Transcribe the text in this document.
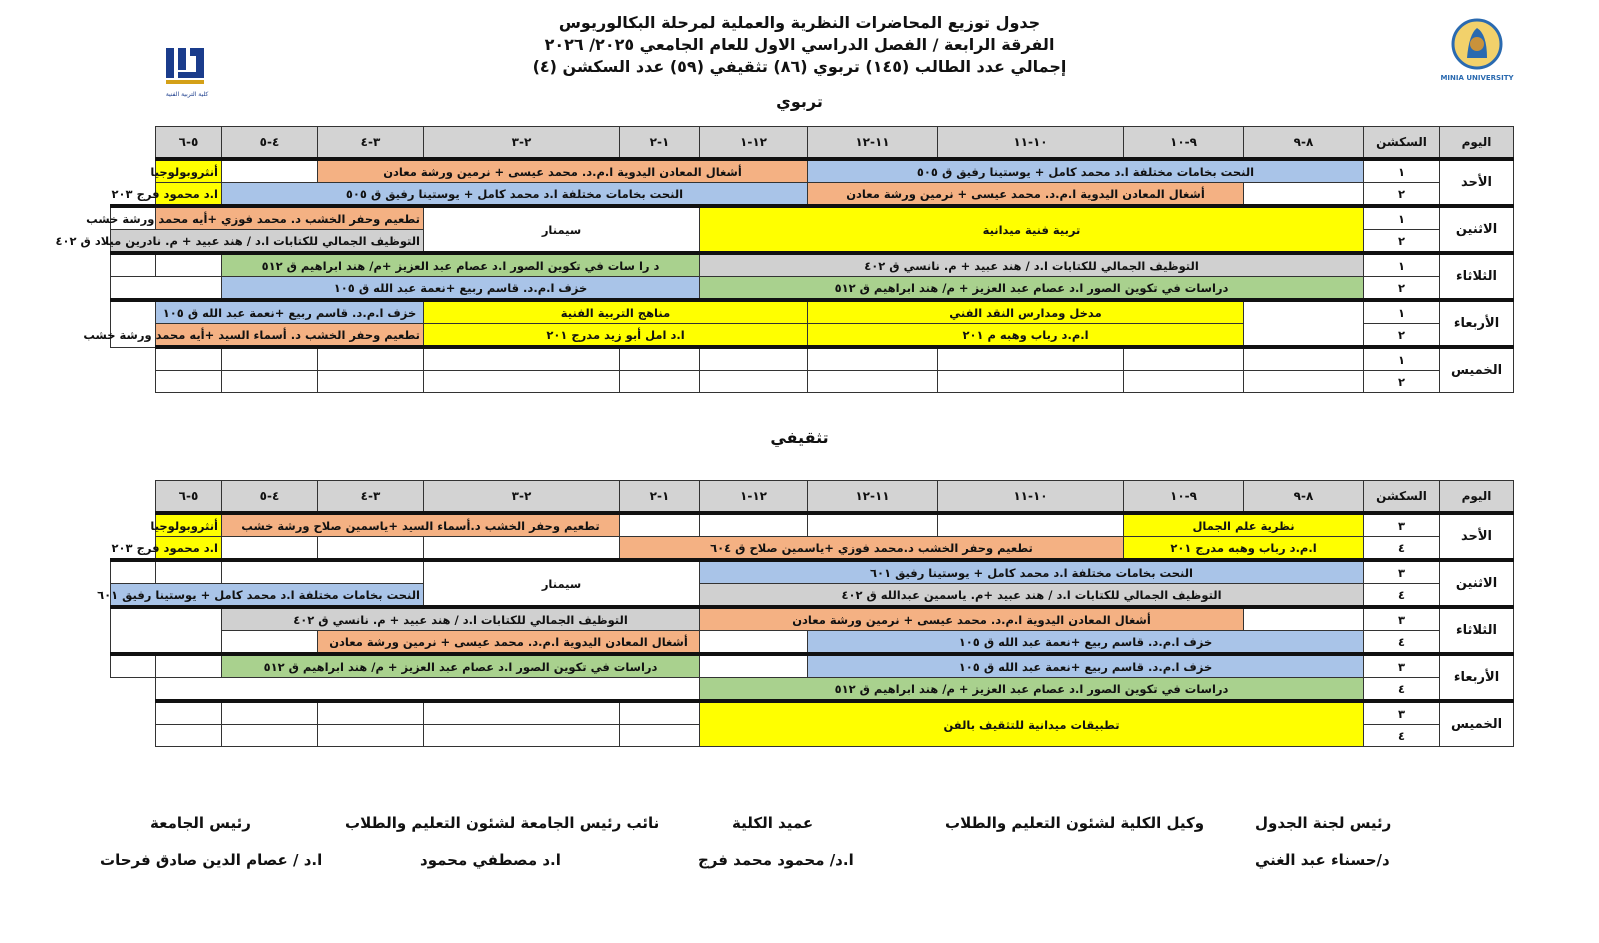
جدول توزيع المحاضرات النظرية والعملية لمرحلة البكالوريوس
الفرقة الرابعة / الفصل الدراسي الاول للعام الجامعي ٢٠٢٥/ ٢٠٢٦
إجمالي عدد الطالب (١٤٥) تربوي (٨٦) تثقيفي (٥٩) عدد السكشن (٤)
كلية التربية الفنية
MINIA UNIVERSITY
تربوي
اليوم	السكشن	٨-٩	٩-١٠	١٠-١١	١١-١٢	١٢-١	١-٢	٢-٣	٣-٤	٤-٥	٥-٦	
الأحد	١	النحت بخامات مختلفة ا.د محمد كامل + يوستينا رفيق ق ٥٠٥				أشغال المعادن اليدوية ا.م.د. محمد عيسى + نرمين ورشة معادن					أنثروبولوجيا	
	٢		أشغال المعادن اليدوية ا.م.د. محمد عيسى + نرمين ورشة معادن			النحت بخامات مختلفة ا.د محمد كامل + يوستينا رفيق ق ٥٠٥					ا.د محمود فرج ٢٠٣	
الاثنين	١	تربية فنية ميدانية					سيمنار		تطعيم وحفر الخشب د. محمد فوزي +أيه محمد ورشة خشب			
	٢								التوظيف الجمالي للكتابات ا.د / هند عبيد + م. نادرين ميلاد ق ٤٠٢			
الثلاثاء	١	التوظيف الجمالي للكتابات ا.د / هند عبيد + م. نانسي ق ٤٠٢					د را سات في تكوين الصور ا.د عصام عبد العزيز +م/ هند ابراهيم ق ٥١٢					
	٢	دراسات في تكوين الصور ا.د عصام عبد العزيز + م/ هند ابراهيم ق ٥١٢					خزف ا.م.د. قاسم ربيع +نعمة عبد الله ق ١٠٥					
الأربعاء	١		مدخل ومدارس النقد الفني			مناهج التربية الفنية			خزف ا.م.د. قاسم ربيع +نعمة عبد الله ق ١٠٥			
	٢		ا.م.د رباب وهبه م ٢٠١			ا.د امل أبو زيد مدرج ٢٠١			تطعيم وحفر الخشب د. أسماء السيد +أيه محمد ورشة خشب			
الخميس	١											
	٢											
تثقيفي
اليوم	السكشن	٨-٩	٩-١٠	١٠-١١	١١-١٢	١٢-١	١-٢	٢-٣	٣-٤	٤-٥	٥-٦	
الأحد	٣	نظرية علم الجمال						تطعيم وحفر الخشب د.أسماء السيد +ياسمين صلاح ورشة خشب			أنثروبولوجيا	
	٤	ا.م.د رباب وهبه مدرج ٢٠١		تطعيم وحفر الخشب د.محمد فوزي +ياسمين صلاح ق ٦٠٤							ا.د محمود فرج ٢٠٣	
الاثنين	٣	النحت بخامات مختلفة ا.د محمد كامل + يوستينا رفيق ٦٠١					سيمنار					
	٤	التوظيف الجمالي للكتابات ا.د / هند عبيد +م. ياسمين عبدالله ق ٤٠٢							النحت بخامات مختلفة ا.د محمد كامل + يوستينا رفيق ٦٠١			
الثلاثاء	٣		أشغال المعادن اليدوية ا.م.د. محمد عيسى + نرمين ورشة معادن				التوظيف الجمالي للكتابات ا.د / هند عبيد + م. نانسي ق ٤٠٢					
	٤	خزف ا.م.د. قاسم ربيع +نعمة عبد الله ق ١٠٥					أشغال المعادن اليدوية ا.م.د. محمد عيسى + نرمين ورشة معادن					
الأربعاء	٣	خزف ا.م.د. قاسم ربيع +نعمة عبد الله ق ١٠٥					دراسات في تكوين الصور ا.د عصام عبد العزيز + م/ هند ابراهيم ق ٥١٢					
	٤	دراسات في تكوين الصور ا.د عصام عبد العزيز + م/ هند ابراهيم ق ٥١٢										
الخميس	٣	تطبيقات ميدانية للتثقيف بالفن										
	٤											
رئيس لجنة الجدول
د/حسناء عبد الغني
وكيل الكلية لشئون التعليم والطلاب
عميد الكلية
ا.د/ محمود محمد فرج
نائب رئيس الجامعة لشئون التعليم والطلاب
ا.د مصطفي محمود
رئيس الجامعة
ا.د / عصام الدين صادق فرحات
